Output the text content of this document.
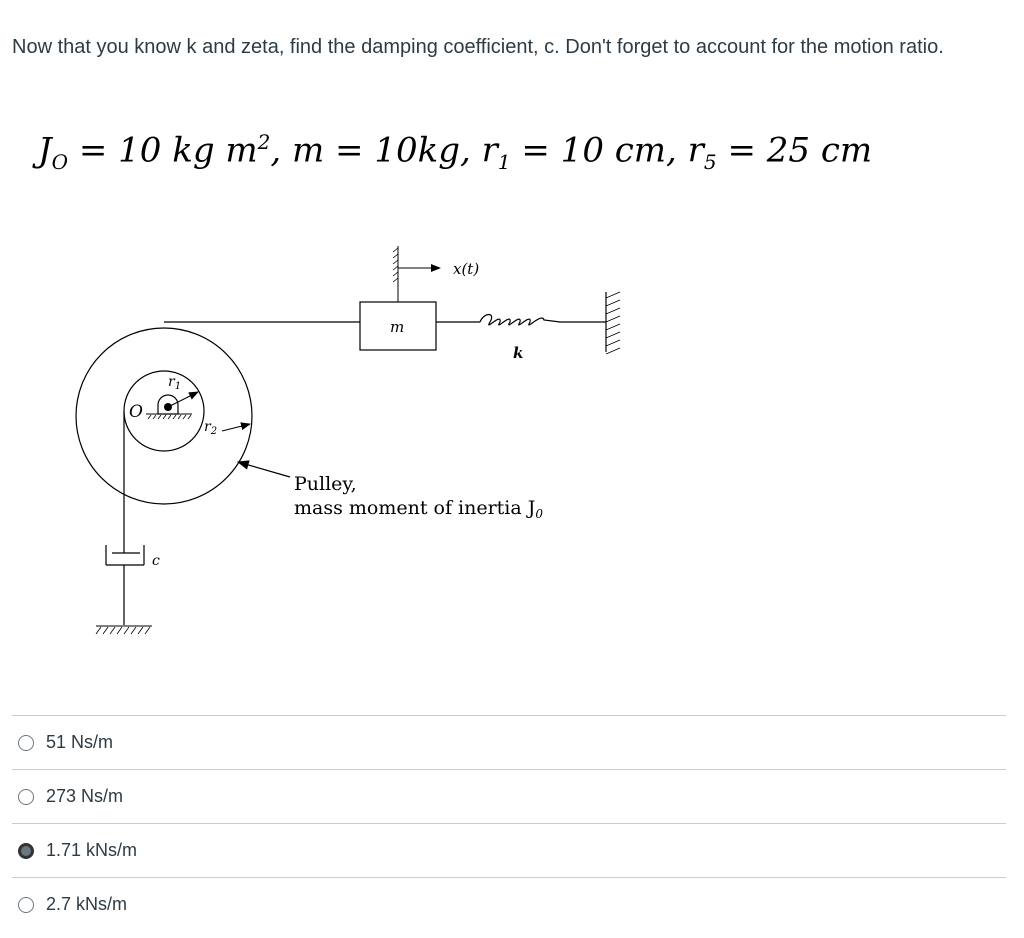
Now that you know k and zeta, find the damping coefficient, c. Don't forget to account for the motion ratio.
$J_O = 10$ kg $m^2$, m = 10kg, $r_1 = 10$ cm, $r_5 = 25$ cm
$r_1$
$r_2$
O
c
m
x(t)
k
Pulley,
mass moment of inertia $J_0$
51 Ns/m
273 Ns/m
1.71 kNs/m
2.7 kNs/m
